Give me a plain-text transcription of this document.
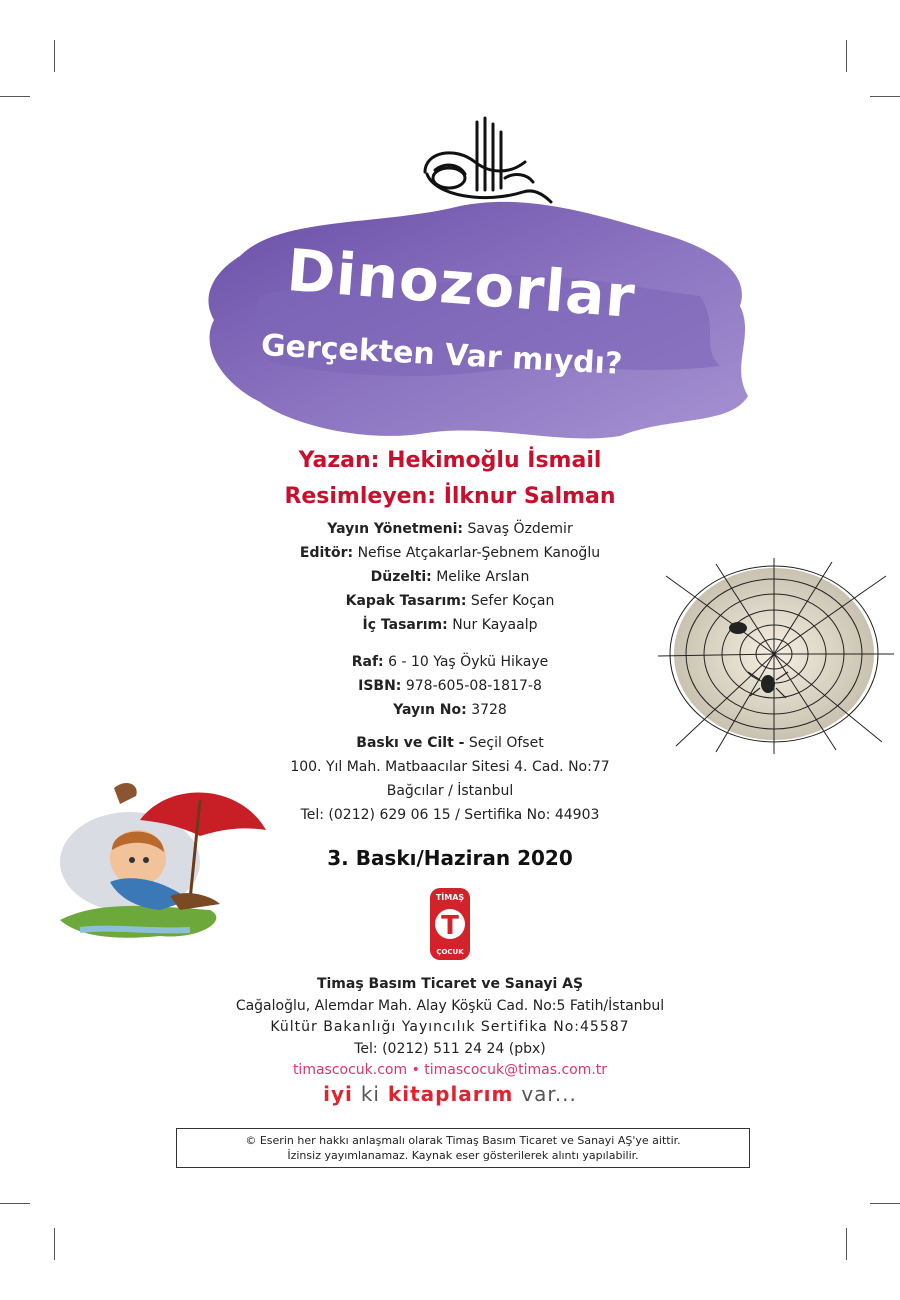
Dinozorlar
Gerçekten Var mıydı?
Yazan: Hekimoğlu İsmail
Resimleyen: İlknur Salman
Yayın Yönetmeni: Savaş Özdemir
Editör: Nefise Atçakarlar-Şebnem Kanoğlu
Düzelti: Melike Arslan
Kapak Tasarım: Sefer Koçan
İç Tasarım: Nur Kayaalp
Raf: 6 - 10 Yaş Öykü Hikaye
ISBN: 978-605-08-1817-8
Yayın No: 3728
Baskı ve Cilt - Seçil Ofset
100. Yıl Mah. Matbaacılar Sitesi 4. Cad. No:77
Bağcılar / İstanbul
Tel: (0212) 629 06 15 / Sertifika No: 44903
3. Baskı/Haziran 2020
TİMAŞ
T
ÇOCUK
Timaş Basım Ticaret ve Sanayi AŞ
Cağaloğlu, Alemdar Mah. Alay Köşkü Cad. No:5 Fatih/İstanbul
Kültür Bakanlığı Yayıncılık Sertifika No:45587
Tel: (0212) 511 24 24 (pbx)
timascocuk.com • timascocuk@timas.com.tr
iyi ki kitaplarım var...
© Eserin her hakkı anlaşmalı olarak Timaş Basım Ticaret ve Sanayi AŞ'ye aittir.
İzinsiz yayımlanamaz. Kaynak eser gösterilerek alıntı yapılabilir.
